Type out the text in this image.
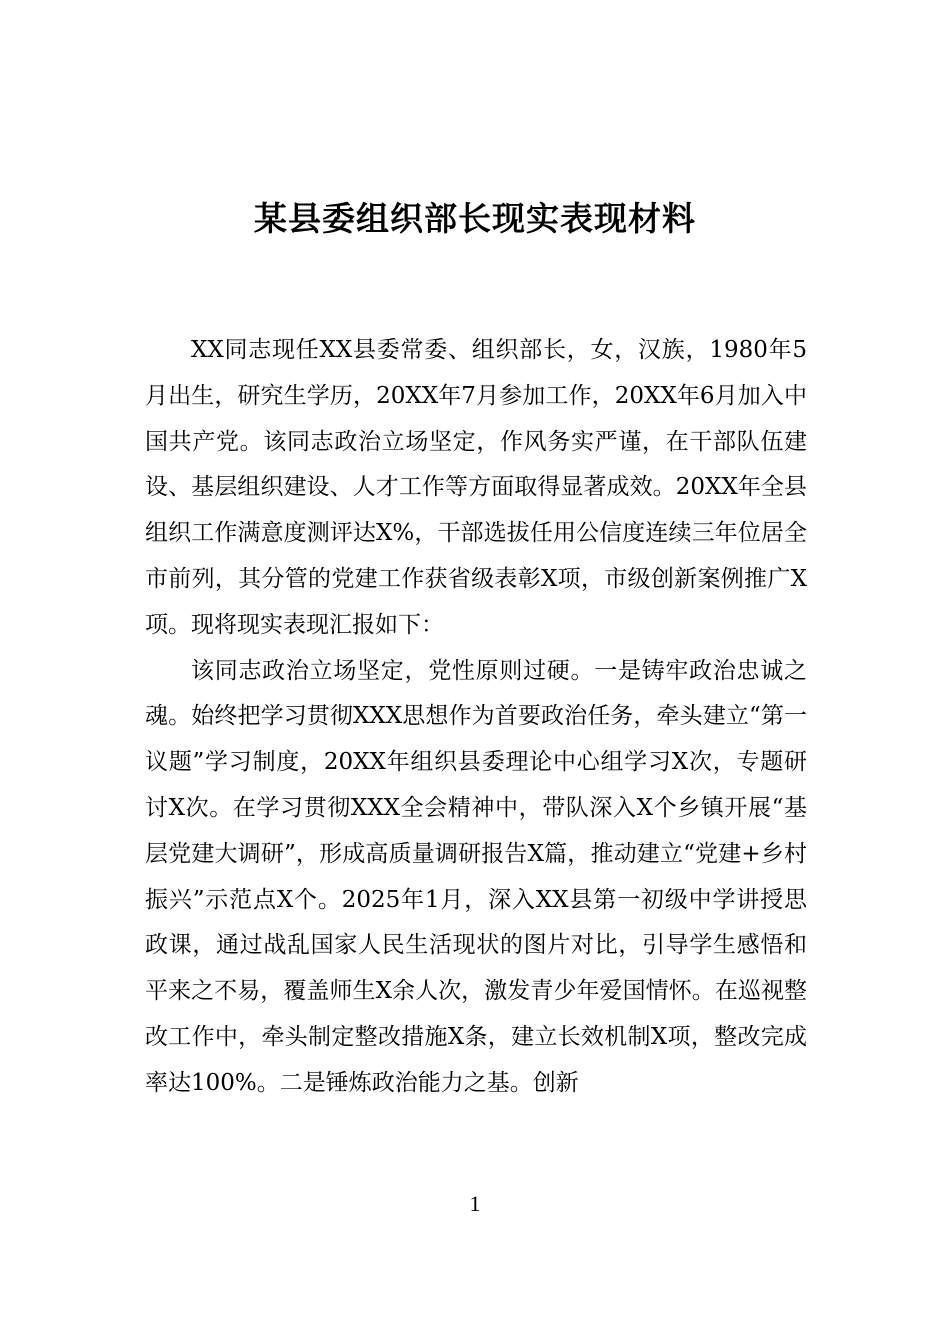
某县委组织部长现实表现材料

XX同志现任XX县委常委、组织部长，女，汉族，1980年5月出生，研究生学历，20XX年7月参加工作，20XX年6月加入中国共产党。该同志政治立场坚定，作风务实严谨，在干部队伍建设、基层组织建设、人才工作等方面取得显著成效。20XX年全县组织工作满意度测评达X%，干部选拔任用公信度连续三年位居全市前列，其分管的党建工作获省级表彰X项，市级创新案例推广X项。现将现实表现汇报如下：

该同志政治立场坚定，党性原则过硬。一是铸牢政治忠诚之魂。始终把学习贯彻XXX思想作为首要政治任务，牵头建立“第一议题”学习制度，20XX年组织县委理论中心组学习X次，专题研讨X次。在学习贯彻XXX全会精神中，带队深入X个乡镇开展“基层党建大调研”，形成高质量调研报告X篇，推动建立“党建+乡村振兴”示范点X个。2025年1月，深入XX县第一初级中学讲授思政课，通过战乱国家人民生活现状的图片对比，引导学生感悟和平来之不易，覆盖师生X余人次，激发青少年爱国情怀。在巡视整改工作中，牵头制定整改措施X条，建立长效机制X项，整改完成率达100%。二是锤炼政治能力之基。创新

1
